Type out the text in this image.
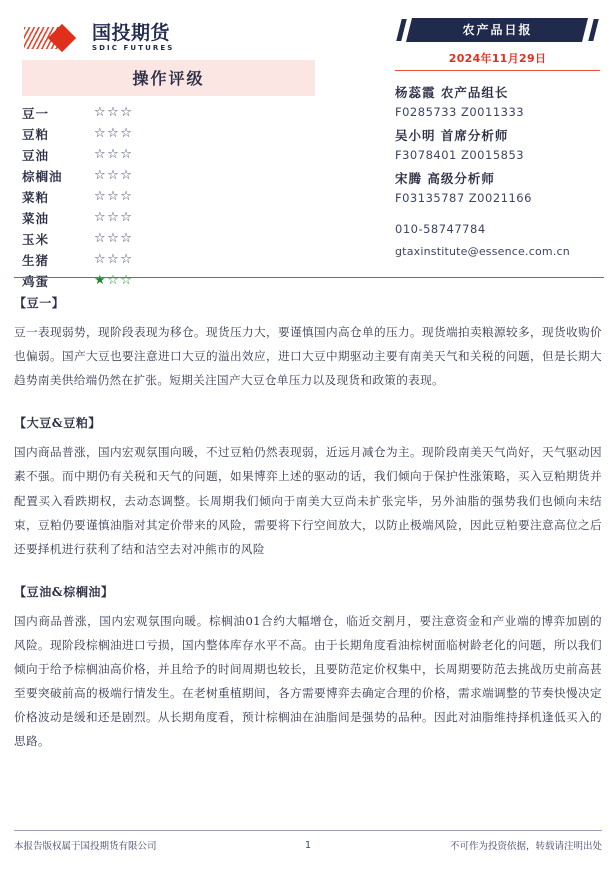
国投期货
SDIC FUTURES
操作评级
豆一	☆☆☆
豆粕	☆☆☆
豆油	☆☆☆
棕榈油	☆☆☆
菜粕	☆☆☆
菜油	☆☆☆
玉米	☆☆☆
生猪	☆☆☆
鸡蛋	★☆☆
农产品日报
2024年11月29日
杨蕊霞 农产品组长
F0285733 Z0011333
吴小明 首席分析师
F3078401 Z0015853
宋腾 高级分析师
F03135787 Z0021166
010-58747784
gtaxinstitute@essence.com.cn
【豆一】
豆一表现弱势，现阶段表现为移仓。现货压力大，要谨慎国内高仓单的压力。现货端拍卖粮源较多，现货收购价也偏弱。国产大豆也要注意进口大豆的溢出效应，进口大豆中期驱动主要有南美天气和关税的问题，但是长期大趋势南美供给端仍然在扩张。短期关注国产大豆仓单压力以及现货和政策的表现。
【大豆&豆粕】
国内商品普涨，国内宏观氛围向暖，不过豆粕仍然表现弱，近远月减仓为主。现阶段南美天气尚好，天气驱动因素不强。而中期仍有关税和天气的问题，如果博弈上述的驱动的话，我们倾向于保护性涨策略，买入豆粕期货并配置买入看跌期权，去动态调整。长周期我们倾向于南美大豆尚未扩张完毕，另外油脂的强势我们也倾向未结束，豆粕仍要谨慎油脂对其定价带来的风险，需要将下行空间放大，以防止极端风险，因此豆粕要注意高位之后还要择机进行获利了结和洁空去对冲熊市的风险
【豆油&棕榈油】
国内商品普涨，国内宏观氛围向暖。棕榈油01合约大幅增仓，临近交割月，要注意资金和产业端的博弈加剧的风险。现阶段棕榈油进口亏损，国内整体库存水平不高。由于长期角度看油棕树面临树龄老化的问题，所以我们倾向于给予棕榈油高价格，并且给予的时间周期也较长，且要防范定价权集中，长周期要防范去挑战历史前高甚至要突破前高的极端行情发生。在老树重植期间，各方需要博弈去确定合理的价格，需求端调整的节奏快慢决定价格波动是缓和还是剧烈。从长期角度看，预计棕榈油在油脂间是强势的品种。因此对油脂维持择机逢低买入的思路。
本报告版权属于国投期货有限公司	1	不可作为投资依据，转载请注明出处
